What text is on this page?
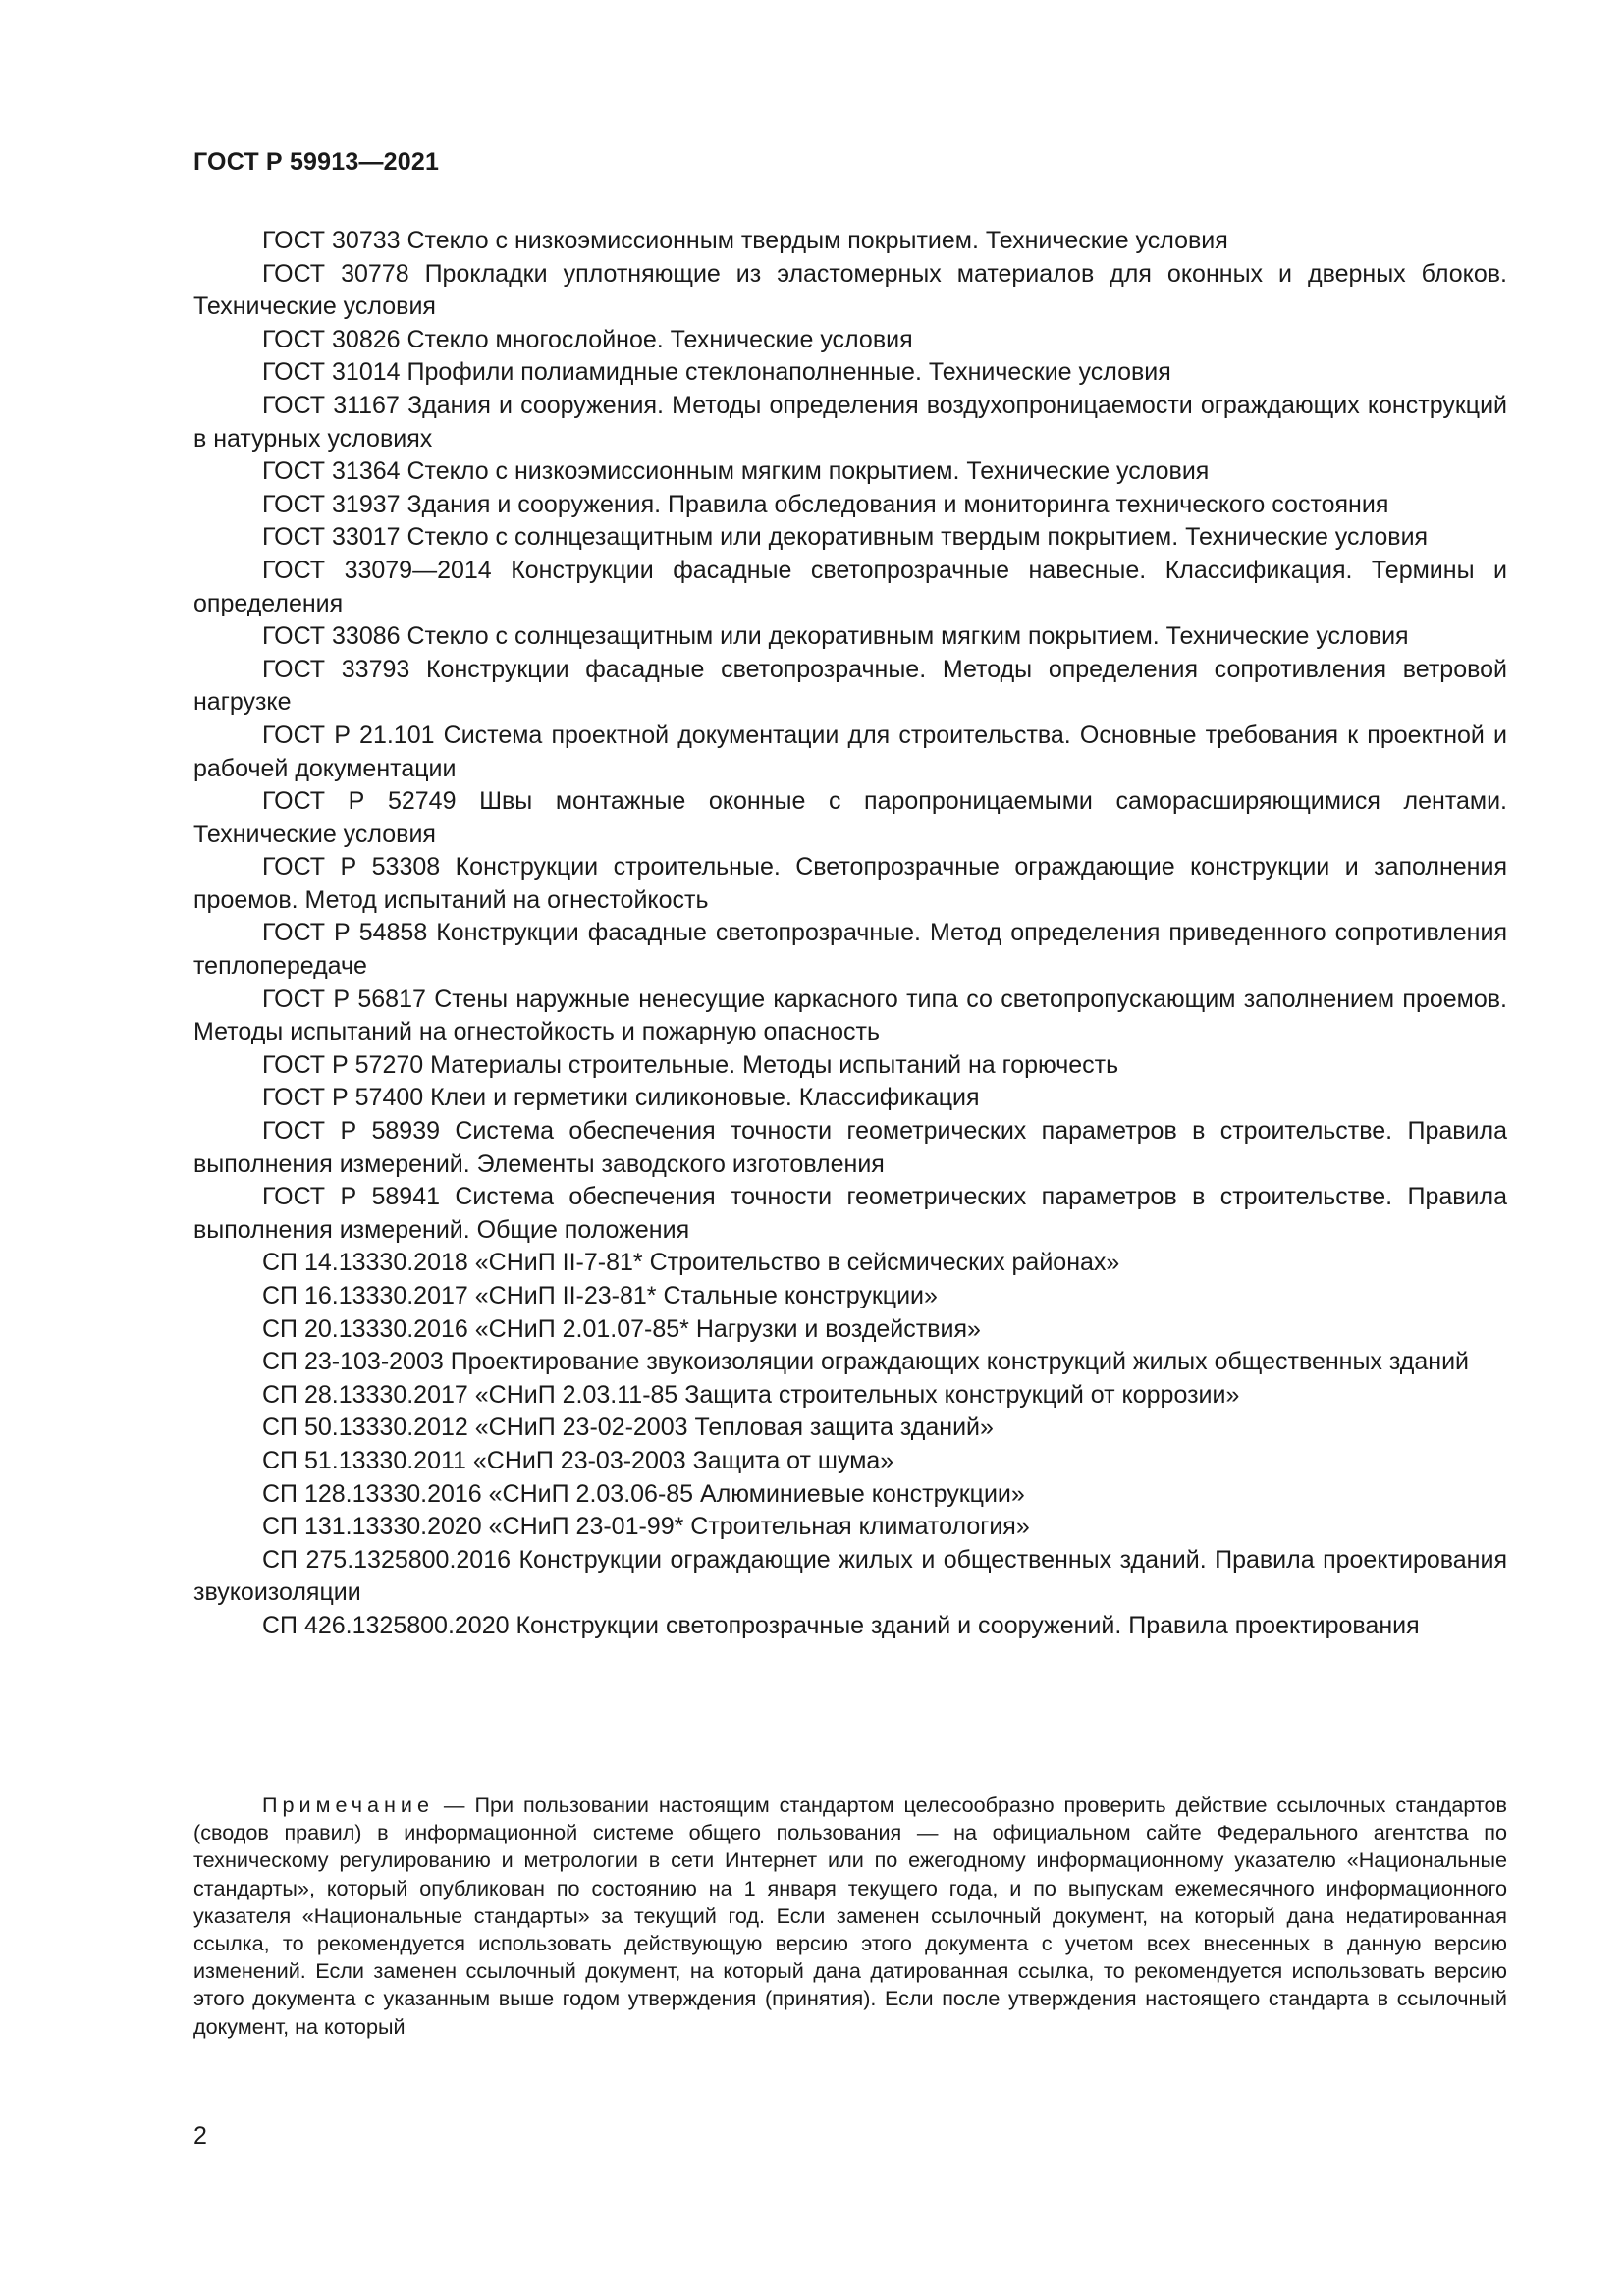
ГОСТ Р 59913—2021

ГОСТ 30733 Стекло с низкоэмиссионным твердым покрытием. Технические условия

ГОСТ 30778 Прокладки уплотняющие из эластомерных материалов для оконных и дверных блоков. Технические условия

ГОСТ 30826 Стекло многослойное. Технические условия

ГОСТ 31014 Профили полиамидные стеклонаполненные. Технические условия

ГОСТ 31167 Здания и сооружения. Методы определения воздухопроницаемости ограждающих конструкций в натурных условиях

ГОСТ 31364 Стекло с низкоэмиссионным мягким покрытием. Технические условия

ГОСТ 31937 Здания и сооружения. Правила обследования и мониторинга технического состояния

ГОСТ 33017 Стекло с солнцезащитным или декоративным твердым покрытием. Технические условия

ГОСТ 33079—2014 Конструкции фасадные светопрозрачные навесные. Классификация. Термины и определения

ГОСТ 33086 Стекло с солнцезащитным или декоративным мягким покрытием. Технические условия

ГОСТ 33793 Конструкции фасадные светопрозрачные. Методы определения сопротивления ветровой нагрузке

ГОСТ Р 21.101 Система проектной документации для строительства. Основные требования к проектной и рабочей документации

ГОСТ Р 52749 Швы монтажные оконные с паропроницаемыми саморасширяющимися лентами. Технические условия

ГОСТ Р 53308 Конструкции строительные. Светопрозрачные ограждающие конструкции и заполнения проемов. Метод испытаний на огнестойкость

ГОСТ Р 54858 Конструкции фасадные светопрозрачные. Метод определения приведенного сопротивления теплопередаче

ГОСТ Р 56817 Стены наружные ненесущие каркасного типа со светопропускающим заполнением проемов. Методы испытаний на огнестойкость и пожарную опасность

ГОСТ Р 57270 Материалы строительные. Методы испытаний на горючесть

ГОСТ Р 57400 Клеи и герметики силиконовые. Классификация

ГОСТ Р 58939 Система обеспечения точности геометрических параметров в строительстве. Правила выполнения измерений. Элементы заводского изготовления

ГОСТ Р 58941 Система обеспечения точности геометрических параметров в строительстве. Правила выполнения измерений. Общие положения

СП 14.13330.2018 «СНиП II-7-81* Строительство в сейсмических районах»

СП 16.13330.2017 «СНиП II-23-81* Стальные конструкции»

СП 20.13330.2016 «СНиП 2.01.07-85* Нагрузки и воздействия»

СП 23-103-2003 Проектирование звукоизоляции ограждающих конструкций жилых общественных зданий

СП 28.13330.2017 «СНиП 2.03.11-85 Защита строительных конструкций от коррозии»

СП 50.13330.2012 «СНиП 23-02-2003 Тепловая защита зданий»

СП 51.13330.2011 «СНиП 23-03-2003 Защита от шума»

СП 128.13330.2016 «СНиП 2.03.06-85 Алюминиевые конструкции»

СП 131.13330.2020 «СНиП 23-01-99* Строительная климатология»

СП 275.1325800.2016 Конструкции ограждающие жилых и общественных зданий. Правила проектирования звукоизоляции

СП 426.1325800.2020 Конструкции светопрозрачные зданий и сооружений. Правила проектирования

Примечание — При пользовании настоящим стандартом целесообразно проверить действие ссылочных стандартов (сводов правил) в информационной системе общего пользования — на официальном сайте Федерального агентства по техническому регулированию и метрологии в сети Интернет или по ежегодному информационному указателю «Национальные стандарты», который опубликован по состоянию на 1 января текущего года, и по выпускам ежемесячного информационного указателя «Национальные стандарты» за текущий год. Если заменен ссылочный документ, на который дана недатированная ссылка, то рекомендуется использовать действующую версию этого документа с учетом всех внесенных в данную версию изменений. Если заменен ссылочный документ, на который дана датированная ссылка, то рекомендуется использовать версию этого документа с указанным выше годом утверждения (принятия). Если после утверждения настоящего стандарта в ссылочный документ, на который
2
